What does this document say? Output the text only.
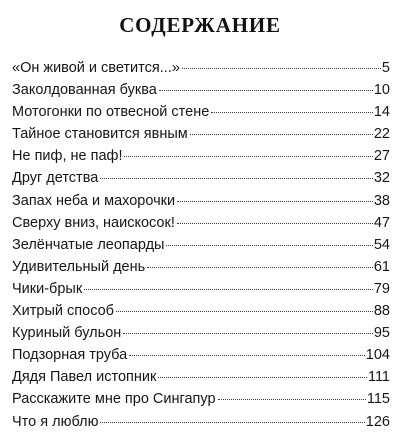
СОДЕРЖАНИЕ
«Он живой и светится...»	5
Заколдованная буква	10
Мотогонки по отвесной стене	14
Тайное становится явным	22
Не пиф, не паф!	27
Друг детства	32
Запах неба и махорочки	38
Сверху вниз, наискосок!	47
Зелёнчатые леопарды	54
Удивительный день	61
Чики-брык	79
Хитрый способ	88
Куриный бульон	95
Подзорная труба	104
Дядя Павел истопник	111
Расскажите мне про Сингапур	115
Что я люблю	126
